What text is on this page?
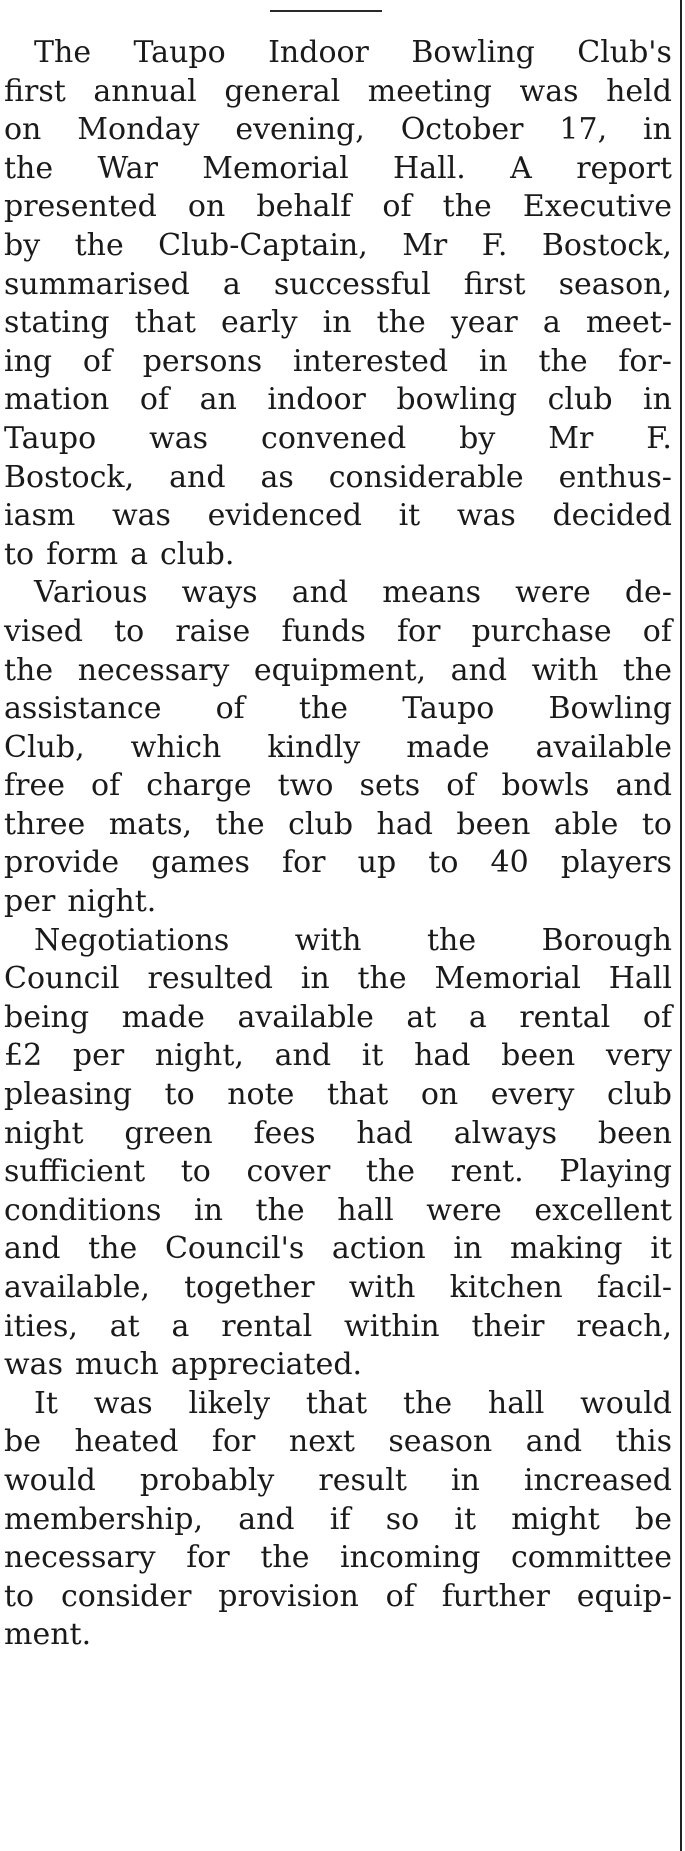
The Taupo Indoor Bowling Club's
first annual general meeting was held
on Monday evening, October 17, in
the War Memorial Hall. A report
presented on behalf of the Executive
by the Club-Captain, Mr F. Bostock,
summarised a successful first season,
stating that early in the year a meet-
ing of persons interested in the for-
mation of an indoor bowling club in
Taupo was convened by Mr F.
Bostock, and as considerable enthus-
iasm was evidenced it was decided
to form a club.
Various ways and means were de-
vised to raise funds for purchase of
the necessary equipment, and with the
assistance of the Taupo Bowling
Club, which kindly made available
free of charge two sets of bowls and
three mats, the club had been able to
provide games for up to 40 players
per night.
Negotiations with the Borough
Council resulted in the Memorial Hall
being made available at a rental of
£2 per night, and it had been very
pleasing to note that on every club
night green fees had always been
sufficient to cover the rent. Playing
conditions in the hall were excellent
and the Council's action in making it
available, together with kitchen facil-
ities, at a rental within their reach,
was much appreciated.
It was likely that the hall would
be heated for next season and this
would probably result in increased
membership, and if so it might be
necessary for the incoming committee
to consider provision of further equip-
ment.
